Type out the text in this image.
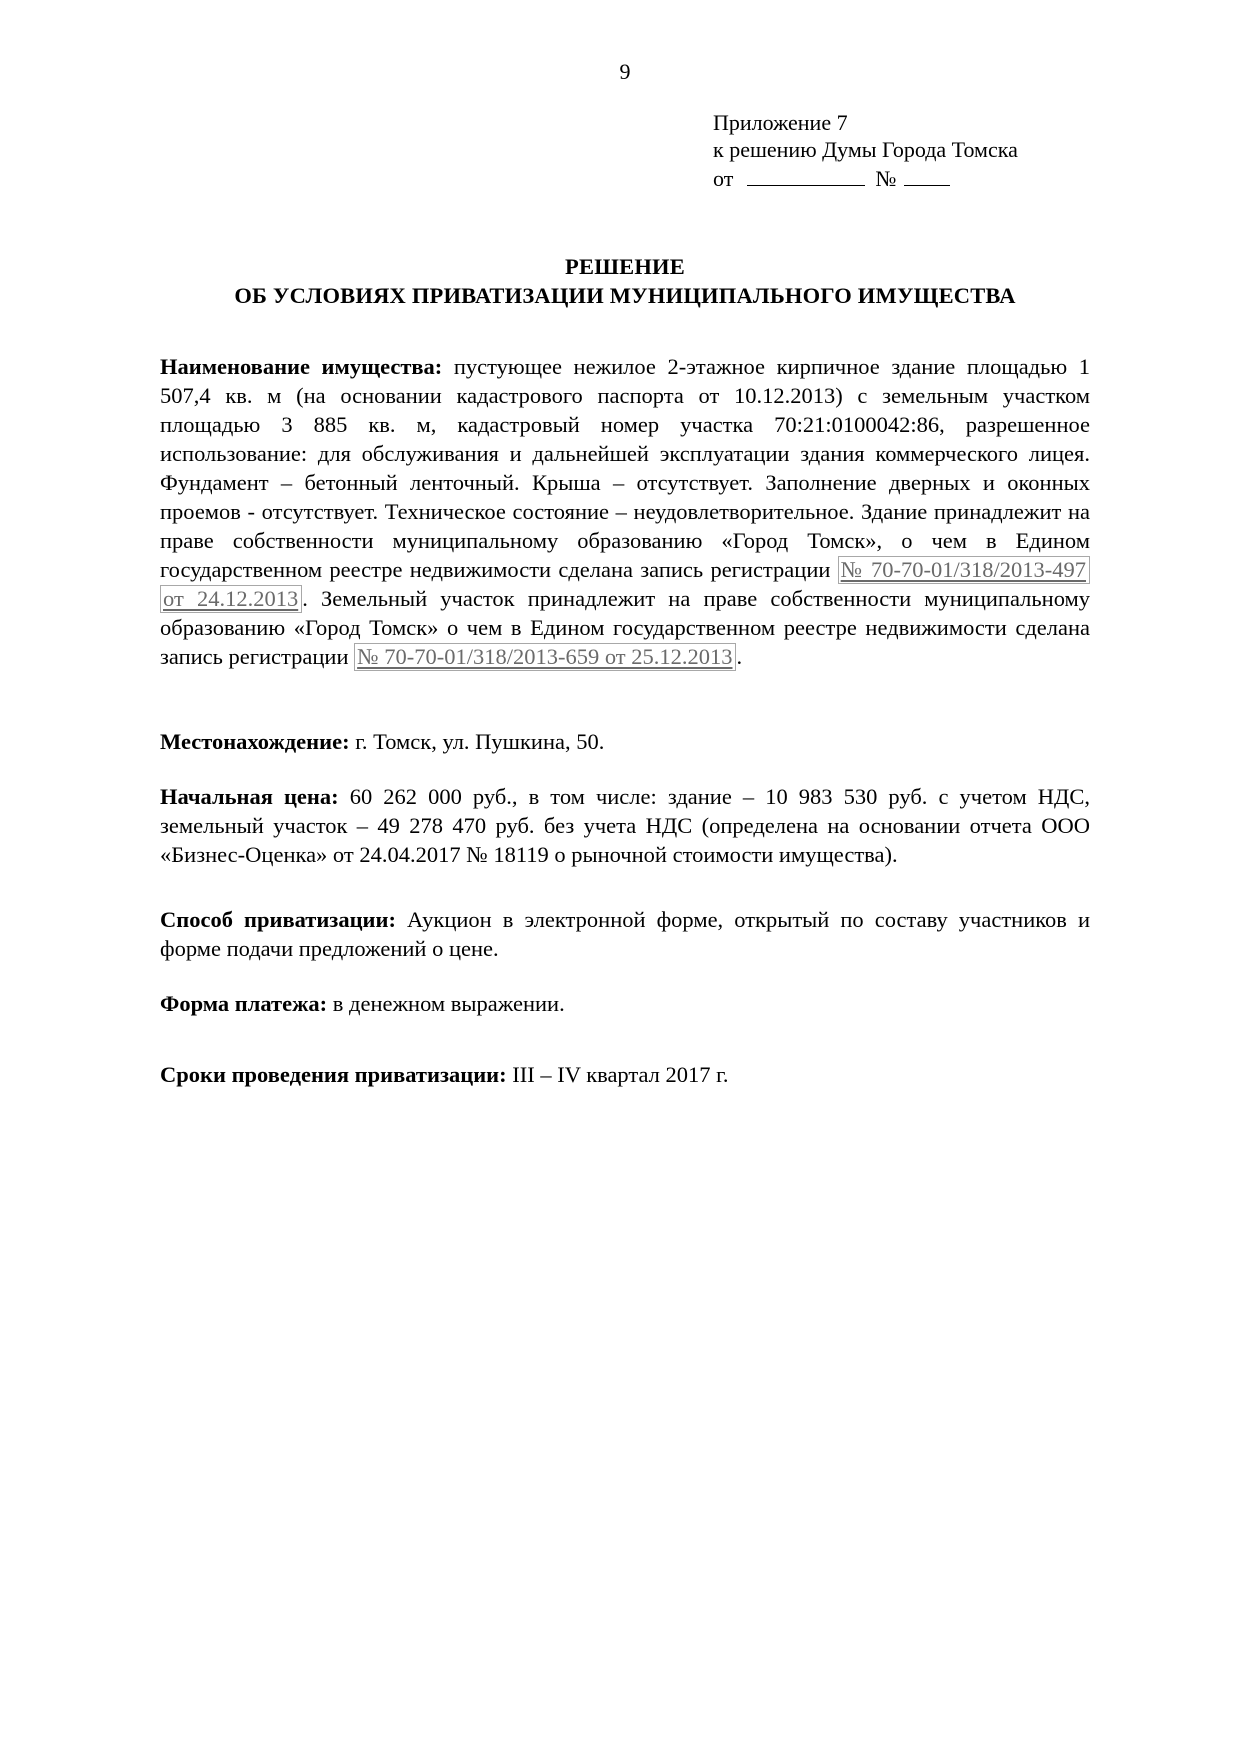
9
Приложение 7
к решению Думы Города Томска
от	№
РЕШЕНИЕ
ОБ УСЛОВИЯХ ПРИВАТИЗАЦИИ МУНИЦИПАЛЬНОГО ИМУЩЕСТВА

Наименование имущества: пустующее нежилое 2-этажное кирпичное здание площадью 1 507,4 кв. м (на основании кадастрового паспорта от 10.12.2013) с земельным участком площадью 3 885 кв. м, кадастровый номер участка 70:21:0100042:86, разрешенное использование: для обслуживания и дальнейшей эксплуатации здания коммерческого лицея. Фундамент – бетонный ленточный. Крыша – отсутствует. Заполнение дверных и оконных проемов - отсутствует. Техническое состояние – неудовлетворительное. Здание принадлежит на праве собственности муниципальному образованию «Город Томск», о чем в Едином государственном реестре недвижимости сделана запись регистрации № 70-70-01/318/2013-497 от 24.12.2013 . Земельный участок принадлежит на праве собственности муниципальному образованию «Город Томск» о чем в Едином государственном реестре недвижимости сделана запись регистрации № 70-70-01/318/2013-659 от 25.12.2013 .

Местонахождение: г. Томск, ул. Пушкина, 50.

Начальная цена: 60 262 000 руб., в том числе: здание – 10 983 530 руб. с учетом НДС, земельный участок – 49 278 470 руб. без учета НДС (определена на основании отчета ООО «Бизнес-Оценка» от 24.04.2017 № 18119 о рыночной стоимости имущества).

Способ приватизации: Аукцион в электронной форме, открытый по составу участников и форме подачи предложений о цене.

Форма платежа: в денежном выражении.

Сроки проведения приватизации: III – IV квартал 2017 г.
